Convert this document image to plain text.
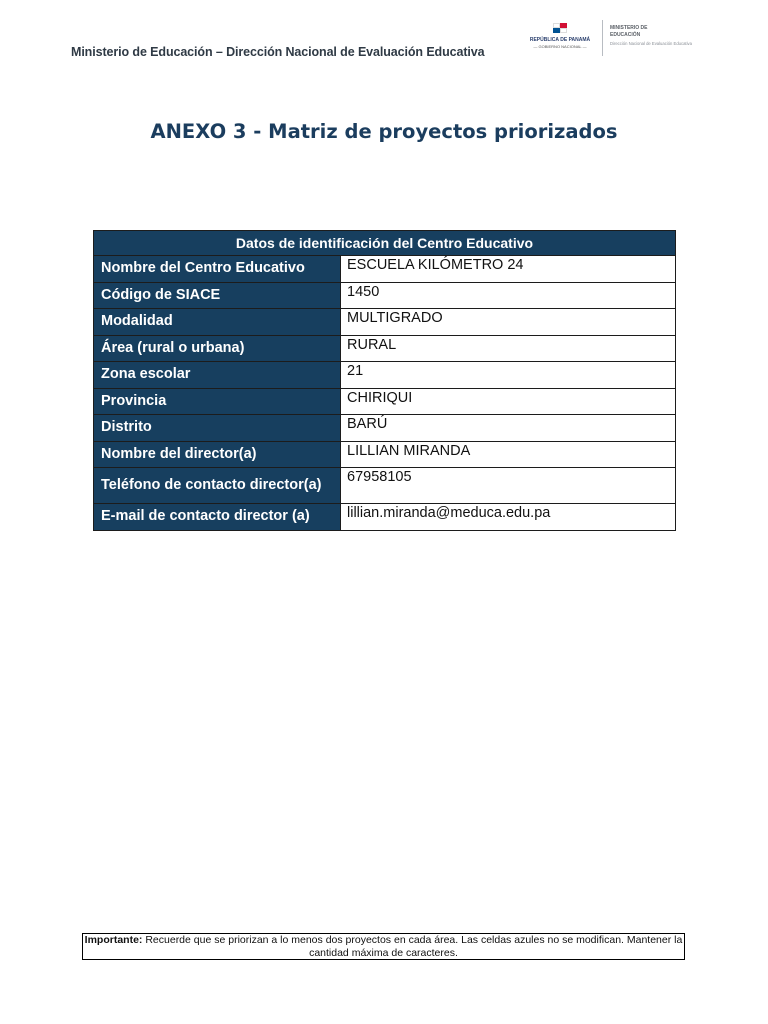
Ministerio de Educación – Dirección Nacional de Evaluación Educativa
REPÚBLICA DE PANAMÁ
— GOBIERNO NACIONAL —
MINISTERIO DE
EDUCACIÓN
Dirección Nacional de Evaluación Educativa
ANEXO 3 - Matriz de proyectos priorizados
Datos de identificación del Centro Educativo	
Nombre del Centro Educativo	ESCUELA KILÓMETRO 24
Código de SIACE	1450
Modalidad	MULTIGRADO
Área (rural o urbana)	RURAL
Zona escolar	21
Provincia	CHIRIQUI
Distrito	BARÚ
Nombre del director(a)	LILLIAN MIRANDA
Teléfono de contacto director(a)	67958105
E-mail de contacto director (a)	lillian.miranda@meduca.edu.pa
Importante: Recuerde que se priorizan a lo menos dos proyectos en cada área. Las celdas azules no se modifican. Mantener la cantidad máxima de caracteres.
